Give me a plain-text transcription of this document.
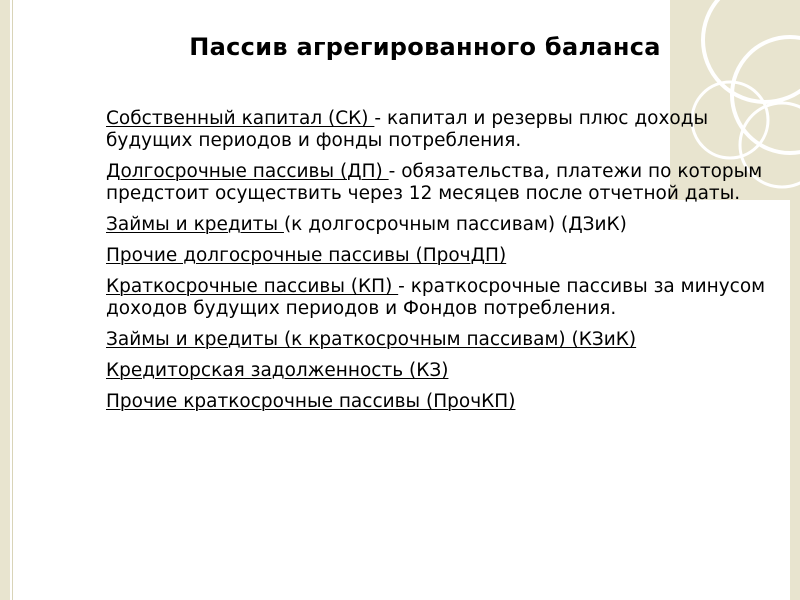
Пассив агрегированного баланса

Собственный капитал (СК) - капитал и резервы плюс доходы будущих периодов и фонды потребления.

Долгосрочные пассивы (ДП) - обязательства, платежи по которым предстоит осуществить через 12 месяцев после отчетной даты.

Займы и кредиты (к долгосрочным пассивам) (ДЗиК)

Прочие долгосрочные пассивы (ПрочДП)

Краткосрочные пассивы (КП) - краткосрочные пассивы за минусом доходов будущих периодов и Фондов потребления.

Займы и кредиты (к краткосрочным пассивам) (КЗиК)

Кредиторская задолженность (КЗ)

Прочие краткосрочные пассивы (ПрочКП)
